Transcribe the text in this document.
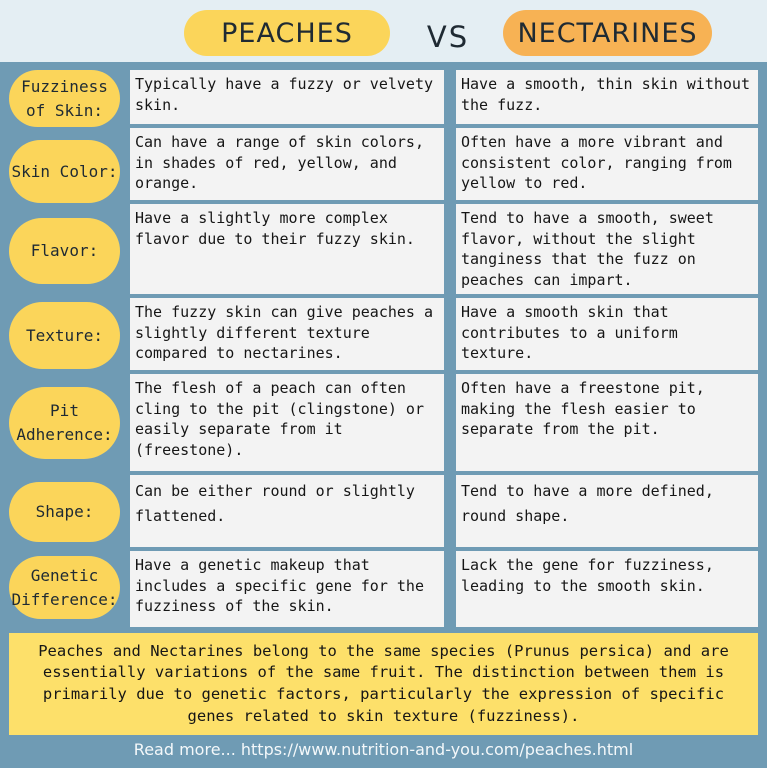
PEACHES	VS	NECTARINES
Fuzziness of Skin:
Typically have a fuzzy or velvety skin.
Have a smooth, thin skin without the fuzz.
Skin Color:
Can have a range of skin colors, in shades of red, yellow, and orange.
Often have a more vibrant and consistent color, ranging from yellow to red.
Flavor:
Have a slightly more complex flavor due to their fuzzy skin.
Tend to have a smooth, sweet flavor, without the slight tanginess that the fuzz on peaches can impart.
Texture:
The fuzzy skin can give peaches a slightly different texture compared to nectarines.
Have a smooth skin that contributes to a uniform texture.
Pit Adherence:
The flesh of a peach can often cling to the pit (clingstone) or easily separate from it (freestone).
Often have a freestone pit, making the flesh easier to separate from the pit.
Shape:
Can be either round or slightly flattened.
Tend to have a more defined, round shape.
Genetic Difference:
Have a genetic makeup that includes a specific gene for the fuzziness of the skin.
Lack the gene for fuzziness, leading to the smooth skin.
Peaches and Nectarines belong to the same species (Prunus persica) and are essentially variations of the same fruit. The distinction between them is primarily due to genetic factors, particularly the expression of specific genes related to skin texture (fuzziness).
Read more... https://www.nutrition-and-you.com/peaches.html
